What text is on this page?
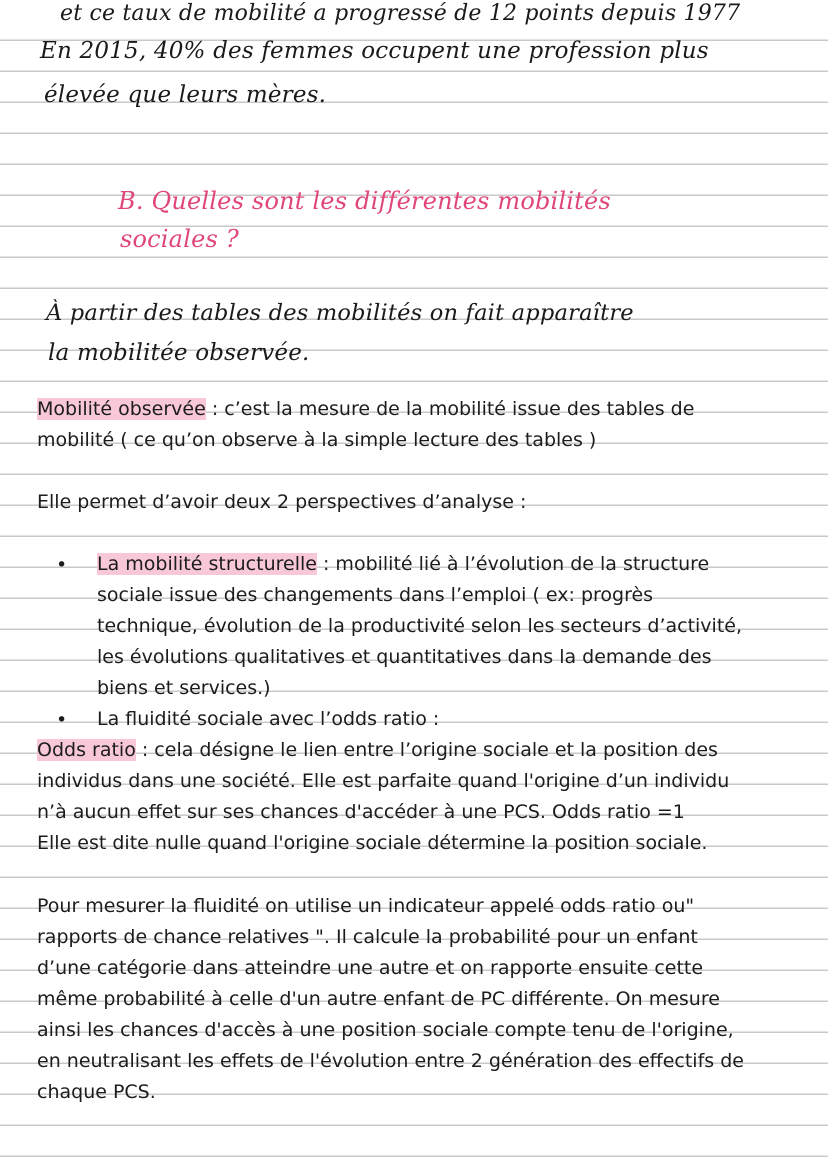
et ce taux de mobilité a progressé de 12 points depuis 1977
En 2015, 40% des femmes occupent une profession plus
élevée que leurs mères.
B. Quelles sont les différentes mobilités
sociales ?
À partir des tables des mobilités on fait apparaître
la mobilitée observée.
Mobilité observée : c’est la mesure de la mobilité issue des tables de
mobilité ( ce qu’on observe à la simple lecture des tables )
Elle permet d’avoir deux 2 perspectives d’analyse :
• La mobilité structurelle : mobilité lié à l’évolution de la structure
sociale issue des changements dans l’emploi ( ex: progrès
technique, évolution de la productivité selon les secteurs d’activité,
les évolutions qualitatives et quantitatives dans la demande des
biens et services.)
• La fluidité sociale avec l’odds ratio :
Odds ratio : cela désigne le lien entre l’origine sociale et la position des
individus dans une société. Elle est parfaite quand l'origine d’un individu
n’à aucun effet sur ses chances d'accéder à une PCS. Odds ratio =1
Elle est dite nulle quand l'origine sociale détermine la position sociale.
Pour mesurer la fluidité on utilise un indicateur appelé odds ratio ou"
rapports de chance relatives ". Il calcule la probabilité pour un enfant
d’une catégorie dans atteindre une autre et on rapporte ensuite cette
même probabilité à celle d'un autre enfant de PC différente. On mesure
ainsi les chances d'accès à une position sociale compte tenu de l'origine,
en neutralisant les effets de l'évolution entre 2 génération des effectifs de
chaque PCS.
